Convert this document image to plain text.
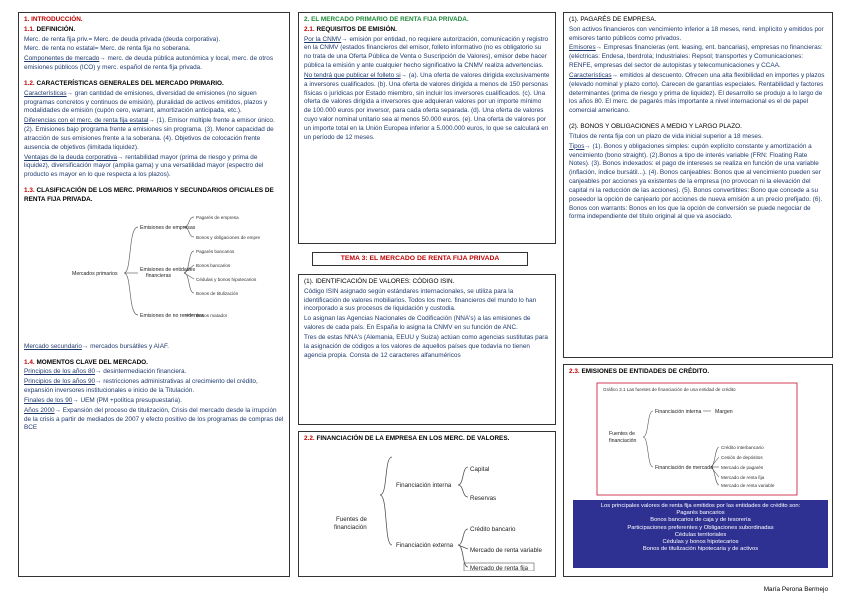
1. INTRODUCCIÓN.

1.1. DEFINICIÓN.

Merc. de renta fija priv.= Merc. de deuda privada (deuda corporativa).

Merc. de renta no estatal= Merc. de renta fija no soberana.

Componentes de mercado→ merc. de deuda pública autonómica y local, merc. de otros emisiones públicos (ICO) y merc. español de renta fija privada.

1.2. CARACTERÍSTICAS GENERALES DEL MERCADO PRIMARIO.

Características→ gran cantidad de emisiones, diversidad de emisiones (no siguen programas concretos y continuos de emisión), pluralidad de activos emitidos, plazos y modalidades de emisión (cupón cero, warrant, amortización anticipada, etc.).

Diferencias con el merc. de renta fija estatal→ (1). Emisor múltiple frente a emisor único. (2). Emisiones bajo programa frente a emisiones sin programa. (3). Menor capacidad de atracción de sus emisiones frente a la soberana. (4). Objetivos de colocación frente ausencia de objetivos (limitada liquidez).

Ventajas de la deuda corporativa→ rentabilidad mayor (prima de riesgo y prima de liquidez), diversificación mayor (amplia gama) y una versatilidad mayor (espectro del producto es mayor en lo que respecta a los plazos).

1.3. CLASIFICACIÓN DE LOS MERC. PRIMARIOS Y SECUNDARIOS OFICIALES DE RENTA FIJA PRIVADA.

Mercados primarios
Emisiones de empresas
Pagarés de empresa
Bonos y obligaciones de empre
Emisiones de entidades
financieras
Pagarés bancarios
Bonos bancarios
Cédulas y bonos hipotecarios
Bonos de titulización
Emisiones de no residentes
Bonos matador

Mercado secundario→ mercados bursátiles y AIAF.

1.4. MOMENTOS CLAVE DEL MERCADO.

Principios de los años 80→ desintermediación financiera.

Principios de los años 90→ restricciones administrativas al crecimiento del crédito, expansión inversores institucionales e inicio de la Titulación.

Finales de los 90→ UEM (PM +política presupuestaria).

Años 2000→ Expansión del proceso de titulización, Crisis del mercado desde la irrupción de la crisis a partir de mediados de 2007 y efecto positivo de los programas de compras del BCE

2. EL MERCADO PRIMARIO DE RENTA FIJA PRIVADA.

2.1. REQUISITOS DE EMISIÓN.

Por la CNMV→ emisión por entidad, no requiere autorización, comunicación y registro en la CNMV (estados financieros del emisor, folleto informativo (no es obligatorio su no trata de una Oferta Pública de Venta o Suscripción de Valores), emisor debe hacer pública la emisión y ante cualquier hecho significativo la CNMV realiza advertencias.

No tendrá que publicar el folleto si→ (a). Una oferta de valores dirigida exclusivamente a inversores cualificados. (b). Una oferta de valores dirigida a menos de 150 personas físicas o jurídicas por Estado miembro, sin incluir los inversores cualificados. (c). Una oferta de valores dirigida a inversores que adquieran valores por un importe mínimo de 100.000 euros por inversor, para cada oferta separada. (d). Una oferta de valores cuyo valor nominal unitario sea al menos 50.000 euros. (e). Una oferta de valores por un importe total en la Unión Europea inferior a 5.000.000 euros, lo que se calculará en un período de 12 meses.

TEMA 3: EL MERCADO DE RENTA FIJA PRIVADA

(1). IDENTIFICACIÓN DE VALORES: CÓDIGO ISIN.

Código ISIN asignado según estándares internacionales, se utiliza para la identificación de valores mobiliarios. Todos los merc. financieros del mundo lo han incorporado a sus procesos de liquidación y custodia.

Lo asignan las Agencias Nacionales de Codificación (NNA's) a las emisiones de valores de cada país. En España lo asigna la CNMV en su función de ANC.

Tres de estas NNA's (Alemania, EEUU y Suiza) actúan como agencias sustitutas para la asignación de códigos a los valores de aquellos países que todavía no tienen agencia propia. Consta de 12 caracteres alfanuméricos

2.2. FINANCIACIÓN DE LA EMPRESA EN LOS MERC. DE VALORES.

Fuentes de
financiación
Financiación interna
Capital
Reservas
Financiación externa
Crédito bancario
Mercado de renta variable
Mercado de renta fija

(1). PAGARÉS DE EMPRESA.

Son activos financieros con vencimiento inferior a 18 meses, rend. implícito y emitidos por emisores tanto públicos como privados.

Emisores→ Empresas financieras (ent. leasing, ent. bancarias), empresas no financieras: (eléctricas: Endesa, Iberdrola; Industriales: Repsol; transportes y Comunicaciones: RENFE, empresas del sector de autopistas y telecomunicaciones y CCAA.

Características→ emitidos al descuento. Ofrecen una alta flexibilidad en importes y plazos (elevado nominal y plazo corto). Carecen de garantías especiales. Rentabilidad y factores determinantes (prima de riesgo y prima de liquidez). El desarrollo se produjo a lo largo de los años 80. El merc. de pagarés más importante a nivel internacional es el de papel comercial americano.

(2). BONOS Y OBLIGACIONES A MEDIO Y LARGO PLAZO.

Títulos de renta fija con un plazo de vida inicial superior a 18 meses.

Tipos→ (1). Bonos y obligaciones simples: cupón explícito constante y amortización a vencimiento (bono straight). (2).Bonos a tipo de interés variable (FRN: Floating Rate Notes). (3). Bonos indexados: el pago de intereses se realiza en función de una variable (inflación, índice bursátil...). (4). Bonos canjeables: Bonos que al vencimiento pueden ser canjeables por acciones ya existentes de la empresa (no provocan ni la elevación del capital ni la reducción de las acciones). (5). Bonos convertibles: Bono que concede a su poseedor la opción de canjearlo por acciones de nueva emisión a un precio prefijado. (6). Bonos con warrants: Bonos en los que la opción de conversión se puede negociar de forma independiente del título original al que va asociado.

2.3. EMISIONES DE ENTIDADES DE CRÉDITO.

Gráfico 3.1 Las fuentes de financiación de una entidad de crédito
Fuentes de
financiación
Financiación interna	Margen
Financiación de mercado
Crédito interbancario
Cesión de depósitos
Mercado de pagarés
Mercado de renta fija
Mercado de renta variable
Los principales valores de renta fija emitidos por las entidades de crédito son:
Pagarés bancarios
Bonos bancarios de caja y de tesorería
Participaciones preferentes y Obligaciones subordinadas
Cédulas territoriales
Cédulas y bonos hipotecarios
Bonos de titulización hipotecaria y de activos
María Perona Bermejo
